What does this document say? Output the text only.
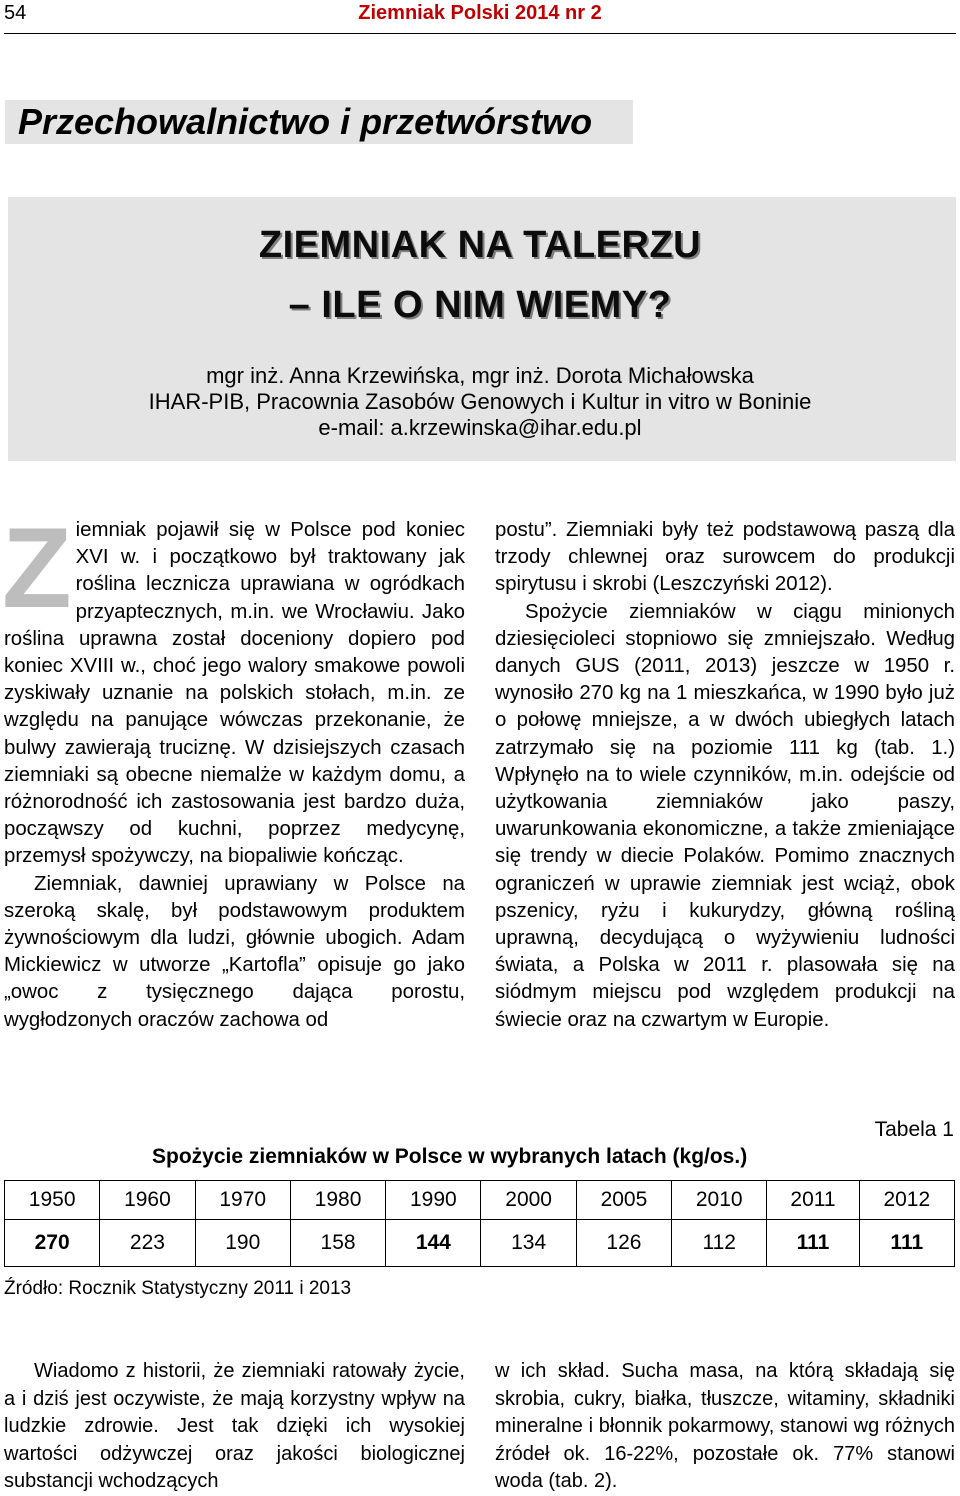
54	Ziemniak Polski 2014 nr 2
Przechowalnictwo i przetwórstwo
ZIEMNIAK NA TALERZU
– ILE O NIM WIEMY?
mgr inż. Anna Krzewińska, mgr inż. Dorota Michałowska
IHAR-PIB, Pracownia Zasobów Genowych i Kultur in vitro w Boninie
e-mail: a.krzewinska@ihar.edu.pl

Ziemniak pojawił się w Polsce pod koniec XVI w. i początkowo był traktowany jak roślina lecznicza uprawiana w ogródkach przyaptecznych, m.in. we Wrocławiu. Jako roślina uprawna został doceniony dopiero pod koniec XVIII w., choć jego walory smakowe powoli zyskiwały uznanie na polskich stołach, m.in. ze względu na panujące wówczas przekonanie, że bulwy zawierają truciznę. W dzisiejszych czasach ziemniaki są obecne niemalże w każdym domu, a różnorodność ich zastosowania jest bardzo duża, począwszy od kuchni, poprzez medycynę, przemysł spożywczy, na biopaliwie kończąc.

Ziemniak, dawniej uprawiany w Polsce na szeroką skalę, był podstawowym produktem żywnościowym dla ludzi, głównie ubogich. Adam Mickiewicz w utworze „Kartofla” opisuje go jako „owoc z tysięcznego dająca porostu, wygłodzonych oraczów zachowa od

postu”. Ziemniaki były też podstawową paszą dla trzody chlewnej oraz surowcem do produkcji spirytusu i skrobi (Leszczyński 2012).

Spożycie ziemniaków w ciągu minionych dziesięcioleci stopniowo się zmniejszało. Według danych GUS (2011, 2013) jeszcze w 1950 r. wynosiło 270 kg na 1 mieszkańca, w 1990 było już o połowę mniejsze, a w dwóch ubiegłych latach zatrzymało się na poziomie 111 kg (tab. 1.) Wpłynęło na to wiele czynników, m.in. odejście od użytkowania ziemniaków jako paszy, uwarunkowania ekonomiczne, a także zmieniające się trendy w diecie Polaków. Pomimo znacznych ograniczeń w uprawie ziemniak jest wciąż, obok pszenicy, ryżu i kukurydzy, główną rośliną uprawną, decydującą o wyżywieniu ludności świata, a Polska w 2011 r. plasowała się na siódmym miejscu pod względem produkcji na świecie oraz na czwartym w Europie.

Tabela 1
Spożycie ziemniaków w Polsce w wybranych latach (kg/os.)
1950	1960	1970	1980	1990	2000	2005	2010	2011	2012
270	223	190	158	144	134	126	112	111	111
Źródło: Rocznik Statystyczny 2011 i 2013

Wiadomo z historii, że ziemniaki ratowały życie, a i dziś jest oczywiste, że mają korzystny wpływ na ludzkie zdrowie. Jest tak dzięki ich wysokiej wartości odżywczej oraz jakości biologicznej substancji wchodzących

w ich skład. Sucha masa, na którą składają się skrobia, cukry, białka, tłuszcze, witaminy, składniki mineralne i błonnik pokarmowy, stanowi wg różnych źródeł ok. 16-22%, pozostałe ok. 77% stanowi woda (tab. 2).
